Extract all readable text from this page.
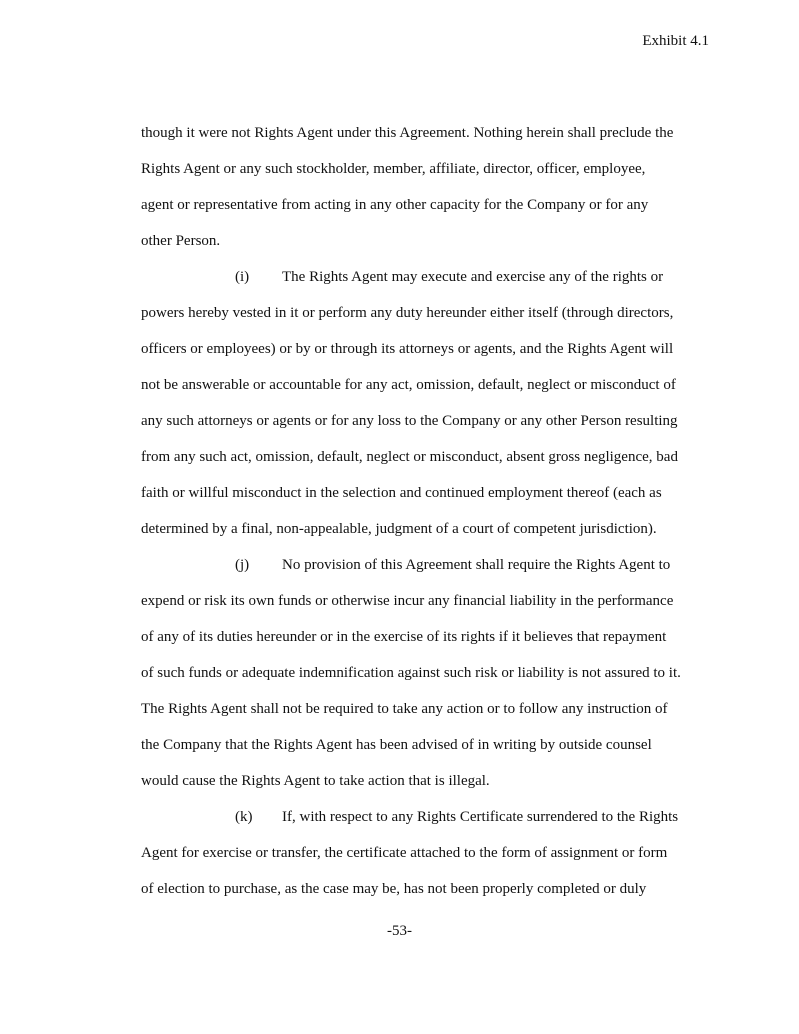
Exhibit 4.1
though it were not Rights Agent under this Agreement. Nothing herein shall preclude the
Rights Agent or any such stockholder, member, affiliate, director, officer, employee,
agent or representative from acting in any other capacity for the Company or for any
other Person.
(i) The Rights Agent may execute and exercise any of the rights or
powers hereby vested in it or perform any duty hereunder either itself (through directors,
officers or employees) or by or through its attorneys or agents, and the Rights Agent will
not be answerable or accountable for any act, omission, default, neglect or misconduct of
any such attorneys or agents or for any loss to the Company or any other Person resulting
from any such act, omission, default, neglect or misconduct, absent gross negligence, bad
faith or willful misconduct in the selection and continued employment thereof (each as
determined by a final, non-appealable, judgment of a court of competent jurisdiction).
(j) No provision of this Agreement shall require the Rights Agent to
expend or risk its own funds or otherwise incur any financial liability in the performance
of any of its duties hereunder or in the exercise of its rights if it believes that repayment
of such funds or adequate indemnification against such risk or liability is not assured to it.
The Rights Agent shall not be required to take any action or to follow any instruction of
the Company that the Rights Agent has been advised of in writing by outside counsel
would cause the Rights Agent to take action that is illegal.
(k) If, with respect to any Rights Certificate surrendered to the Rights
Agent for exercise or transfer, the certificate attached to the form of assignment or form
of election to purchase, as the case may be, has not been properly completed or duly
-53-
